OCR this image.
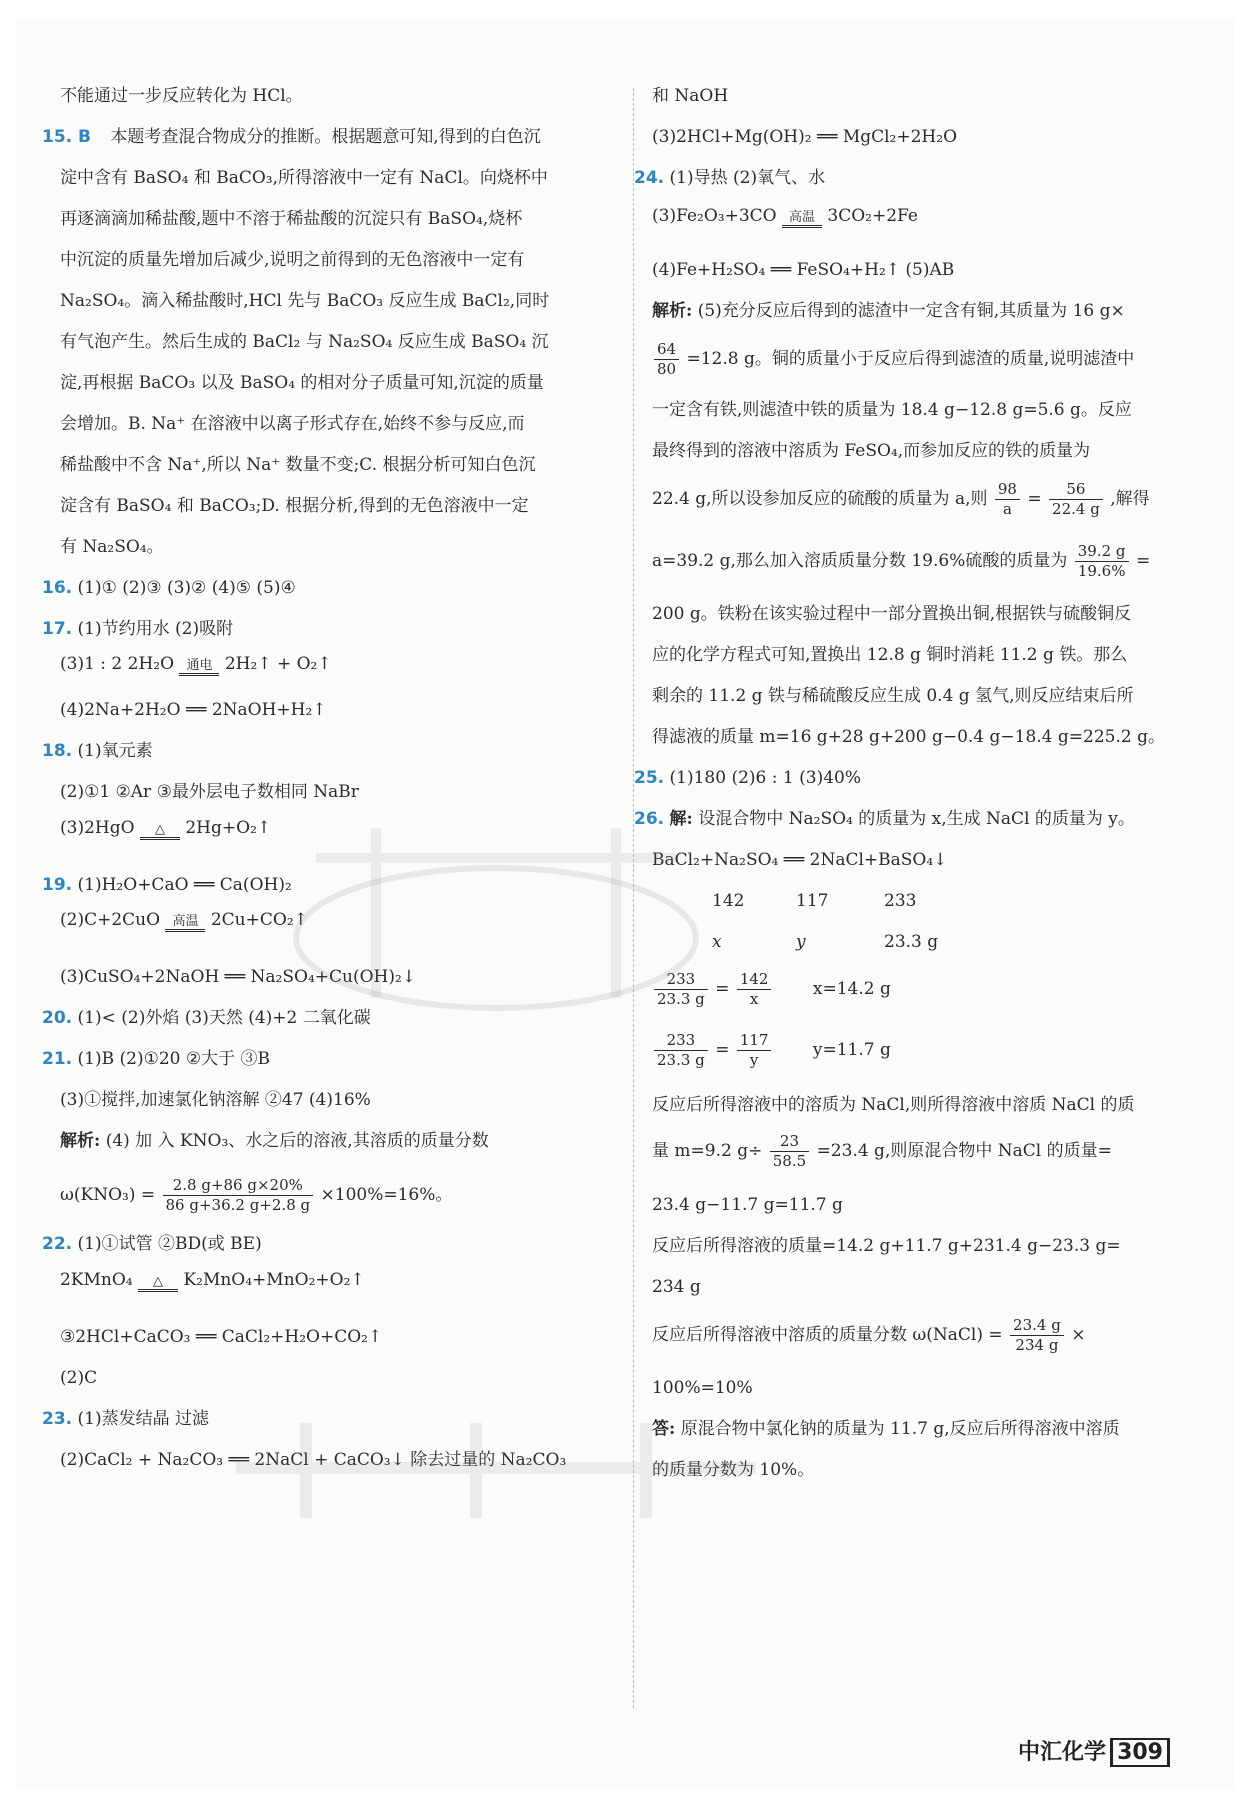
不能通过一步反应转化为 HCl。
15. B 本题考查混合物成分的推断。根据题意可知,得到的白色沉
淀中含有 BaSO₄ 和 BaCO₃,所得溶液中一定有 NaCl。向烧杯中
再逐滴滴加稀盐酸,题中不溶于稀盐酸的沉淀只有 BaSO₄,烧杯
中沉淀的质量先增加后减少,说明之前得到的无色溶液中一定有
Na₂SO₄。滴入稀盐酸时,HCl 先与 BaCO₃ 反应生成 BaCl₂,同时
有气泡产生。然后生成的 BaCl₂ 与 Na₂SO₄ 反应生成 BaSO₄ 沉
淀,再根据 BaCO₃ 以及 BaSO₄ 的相对分子质量可知,沉淀的质量
会增加。B. Na⁺ 在溶液中以离子形式存在,始终不参与反应,而
稀盐酸中不含 Na⁺,所以 Na⁺ 数量不变;C. 根据分析可知白色沉
淀含有 BaSO₄ 和 BaCO₃;D. 根据分析,得到的无色溶液中一定
有 Na₂SO₄。
16. (1)① (2)③ (3)② (4)⑤ (5)④
17. (1)节约用水 (2)吸附
(3)1 : 2 2H₂O 通电 2H₂↑ + O₂↑
(4)2Na+2H₂O ══ 2NaOH+H₂↑
18. (1)氧元素
(2)①1 ②Ar ③最外层电子数相同 NaBr
(3)2HgO	△	2Hg+O₂↑
19. (1)H₂O+CaO ══ Ca(OH)₂
(2)C+2CuO 高温 2Cu+CO₂↑
(3)CuSO₄+2NaOH ══ Na₂SO₄+Cu(OH)₂↓
20. (1)< (2)外焰 (3)天然 (4)+2 二氧化碳
21. (1)B (2)①20 ②大于 ③B
(3)①搅拌,加速氯化钠溶解 ②47 (4)16%
解析: (4) 加 入 KNO₃、水之后的溶液,其溶质的质量分数
$\omega(KNO_3) = \frac{2.8 g+86 g\times 20\%}{86 g+36.2 g+2.8 g} \times 100\%=16\%$。
22. (1)①试管 ②BD(或 BE)
2KMnO₄	△	K₂MnO₄+MnO₂+O₂↑
③2HCl+CaCO₃ ══ CaCl₂+H₂O+CO₂↑
(2)C
23. (1)蒸发结晶 过滤
(2)CaCl₂ + Na₂CO₃ ══ 2NaCl + CaCO₃↓ 除去过量的 Na₂CO₃
和 NaOH
(3)2HCl+Mg(OH)₂ ══ MgCl₂+2H₂O
24. (1)导热 (2)氧气、水
(3)Fe₂O₃+3CO 高温 3CO₂+2Fe
(4)Fe+H₂SO₄ ══ FeSO₄+H₂↑ (5)AB
解析: (5)充分反应后得到的滤渣中一定含有铜,其质量为 16 g×
$\frac{64}{80} =12.8$ g。铜的质量小于反应后得到滤渣的质量,说明滤渣中
一定含有铁,则滤渣中铁的质量为 18.4 g−12.8 g=5.6 g。反应
最终得到的溶液中溶质为 FeSO₄,而参加反应的铁的质量为
22.4 g,所以设参加反应的硫酸的质量为 a,则 $\frac{98}{a} = \frac{56}{22.4 g}$ ,解得
a=39.2 g,那么加入溶质质量分数 19.6%硫酸的质量为 $\frac{39.2 g}{19.6\%}$ =
200 g。铁粉在该实验过程中一部分置换出铜,根据铁与硫酸铜反
应的化学方程式可知,置换出 12.8 g 铜时消耗 11.2 g 铁。那么
剩余的 11.2 g 铁与稀硫酸反应生成 0.4 g 氢气,则反应结束后所
得滤液的质量 m=16 g+28 g+200 g−0.4 g−18.4 g=225.2 g。
25. (1)180 (2)6 : 1 (3)40%
26. 解: 设混合物中 Na₂SO₄ 的质量为 x,生成 NaCl 的质量为 y。
BaCl₂+Na₂SO₄ ══ 2NaCl+BaSO₄↓
142	117	233
x	y	23.3 g
$\frac{233}{23.3 g} = \frac{142}{x} x=14.2$ g
$\frac{233}{23.3 g} = \frac{117}{y} y=11.7$ g
反应后所得溶液中的溶质为 NaCl,则所得溶液中溶质 NaCl 的质
量 m=9.2 $g\div \frac{23}{58.5} =23.4$ g,则原混合物中 NaCl 的质量=
23.4 g−11.7 g=11.7 g
反应后所得溶液的质量=14.2 g+11.7 g+231.4 g−23.3 g=
234 g
反应后所得溶液中溶质的质量分数 ω(NaCl) = $\frac{23.4 g}{234 g}$ ×
100%=10%
答: 原混合物中氯化钠的质量为 11.7 g,反应后所得溶液中溶质
的质量分数为 10%。
中汇化学 309
